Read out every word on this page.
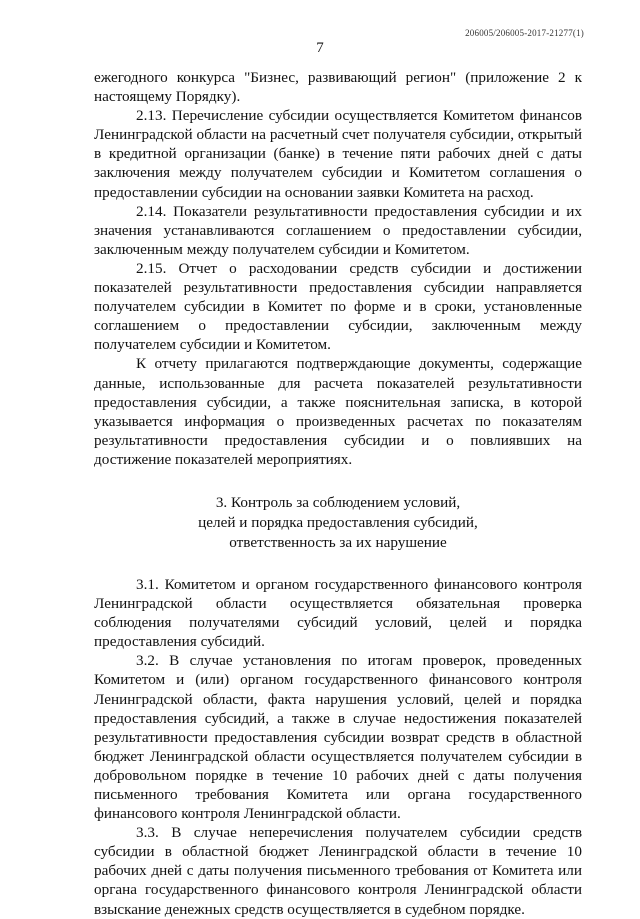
206005/206005-2017-21277(1)
7

ежегодного конкурса "Бизнес, развивающий регион" (приложение 2 к настоящему Порядку).

2.13. Перечисление субсидии осуществляется Комитетом финансов Ленинградской области на расчетный счет получателя субсидии, открытый в кредитной организации (банке) в течение пяти рабочих дней с даты заключения между получателем субсидии и Комитетом соглашения о предоставлении субсидии на основании заявки Комитета на расход.

2.14. Показатели результативности предоставления субсидии и их значения устанавливаются соглашением о предоставлении субсидии, заключенным между получателем субсидии и Комитетом.

2.15. Отчет о расходовании средств субсидии и достижении показателей результативности предоставления субсидии направляется получателем субсидии в Комитет по форме и в сроки, установленные соглашением о предоставлении субсидии, заключенным между получателем субсидии и Комитетом.

К отчету прилагаются подтверждающие документы, содержащие данные, использованные для расчета показателей результативности предоставления субсидии, а также пояснительная записка, в которой указывается информация о произведенных расчетах по показателям результативности предоставления субсидии и о повлиявших на достижение показателей мероприятиях.

3. Контроль за соблюдением условий,
целей и порядка предоставления субсидий,
ответственность за их нарушение

3.1. Комитетом и органом государственного финансового контроля Ленинградской области осуществляется обязательная проверка соблюдения получателями субсидий условий, целей и порядка предоставления субсидий.

3.2. В случае установления по итогам проверок, проведенных Комитетом и (или) органом государственного финансового контроля Ленинградской области, факта нарушения условий, целей и порядка предоставления субсидий, а также в случае недостижения показателей результативности предоставления субсидии возврат средств в областной бюджет Ленинградской области осуществляется получателем субсидии в добровольном порядке в течение 10 рабочих дней с даты получения письменного требования Комитета или органа государственного финансового контроля Ленинградской области.

3.3. В случае неперечисления получателем субсидии средств субсидии в областной бюджет Ленинградской области в течение 10 рабочих дней с даты получения письменного требования от Комитета или органа государственного финансового контроля Ленинградской области взыскание денежных средств осуществляется в судебном порядке.
